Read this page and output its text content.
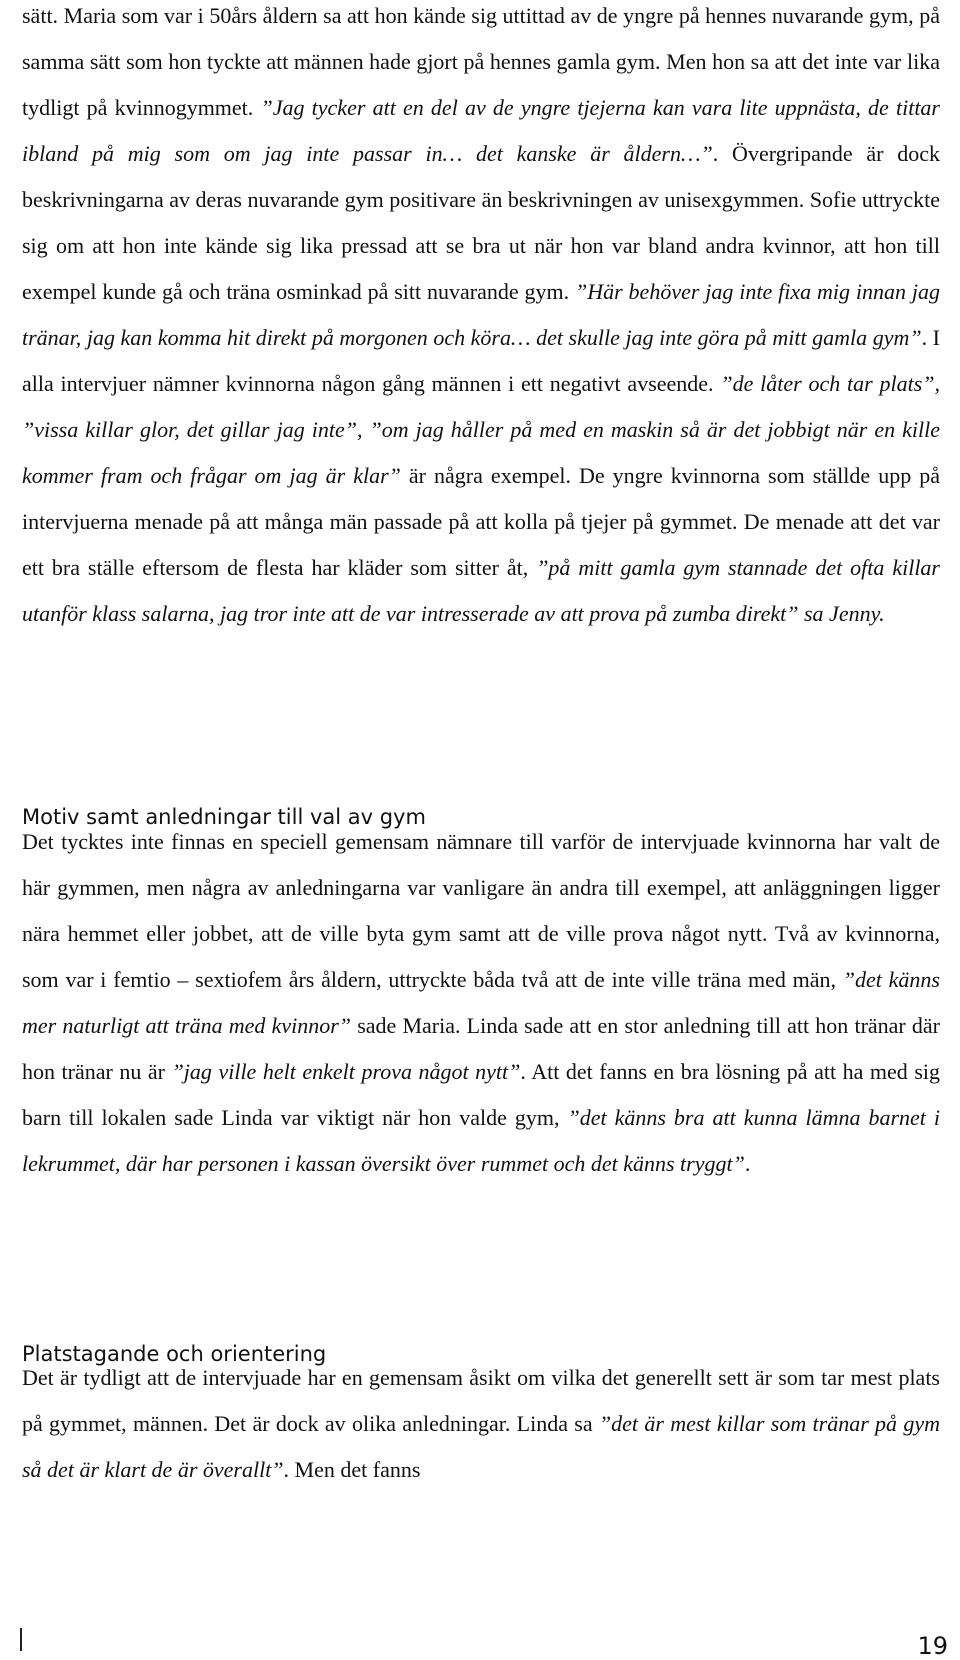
sätt. Maria som var i 50års åldern sa att hon kände sig uttittad av de yngre på hennes nuvarande gym, på samma sätt som hon tyckte att männen hade gjort på hennes gamla gym. Men hon sa att det inte var lika tydligt på kvinnogymmet. ”Jag tycker att en del av de yngre tjejerna kan vara lite uppnästa, de tittar ibland på mig som om jag inte passar in… det kanske är åldern…”. Övergripande är dock beskrivningarna av deras nuvarande gym positivare än beskrivningen av unisexgymmen. Sofie uttryckte sig om att hon inte kände sig lika pressad att se bra ut när hon var bland andra kvinnor, att hon till exempel kunde gå och träna osminkad på sitt nuvarande gym. ”Här behöver jag inte fixa mig innan jag tränar, jag kan komma hit direkt på morgonen och köra… det skulle jag inte göra på mitt gamla gym”. I alla intervjuer nämner kvinnorna någon gång männen i ett negativt avseende. ”de låter och tar plats”, ”vissa killar glor, det gillar jag inte”, ”om jag håller på med en maskin så är det jobbigt när en kille kommer fram och frågar om jag är klar” är några exempel. De yngre kvinnorna som ställde upp på intervjuerna menade på att många män passade på att kolla på tjejer på gymmet. De menade att det var ett bra ställe eftersom de flesta har kläder som sitter åt, ”på mitt gamla gym stannade det ofta killar utanför klass salarna, jag tror inte att de var intresserade av att prova på zumba direkt” sa Jenny.

Motiv samt anledningar till val av gym

Det tycktes inte finnas en speciell gemensam nämnare till varför de intervjuade kvinnorna har valt de här gymmen, men några av anledningarna var vanligare än andra till exempel, att anläggningen ligger nära hemmet eller jobbet, att de ville byta gym samt att de ville prova något nytt. Två av kvinnorna, som var i femtio – sextiofem års åldern, uttryckte båda två att de inte ville träna med män, ”det känns mer naturligt att träna med kvinnor” sade Maria. Linda sade att en stor anledning till att hon tränar där hon tränar nu är ”jag ville helt enkelt prova något nytt”. Att det fanns en bra lösning på att ha med sig barn till lokalen sade Linda var viktigt när hon valde gym, ”det känns bra att kunna lämna barnet i lekrummet, där har personen i kassan översikt över rummet och det känns tryggt”.

Platstagande och orientering

Det är tydligt att de intervjuade har en gemensam åsikt om vilka det generellt sett är som tar mest plats på gymmet, männen. Det är dock av olika anledningar. Linda sa ”det är mest killar som tränar på gym så det är klart de är överallt”. Men det fanns

19
